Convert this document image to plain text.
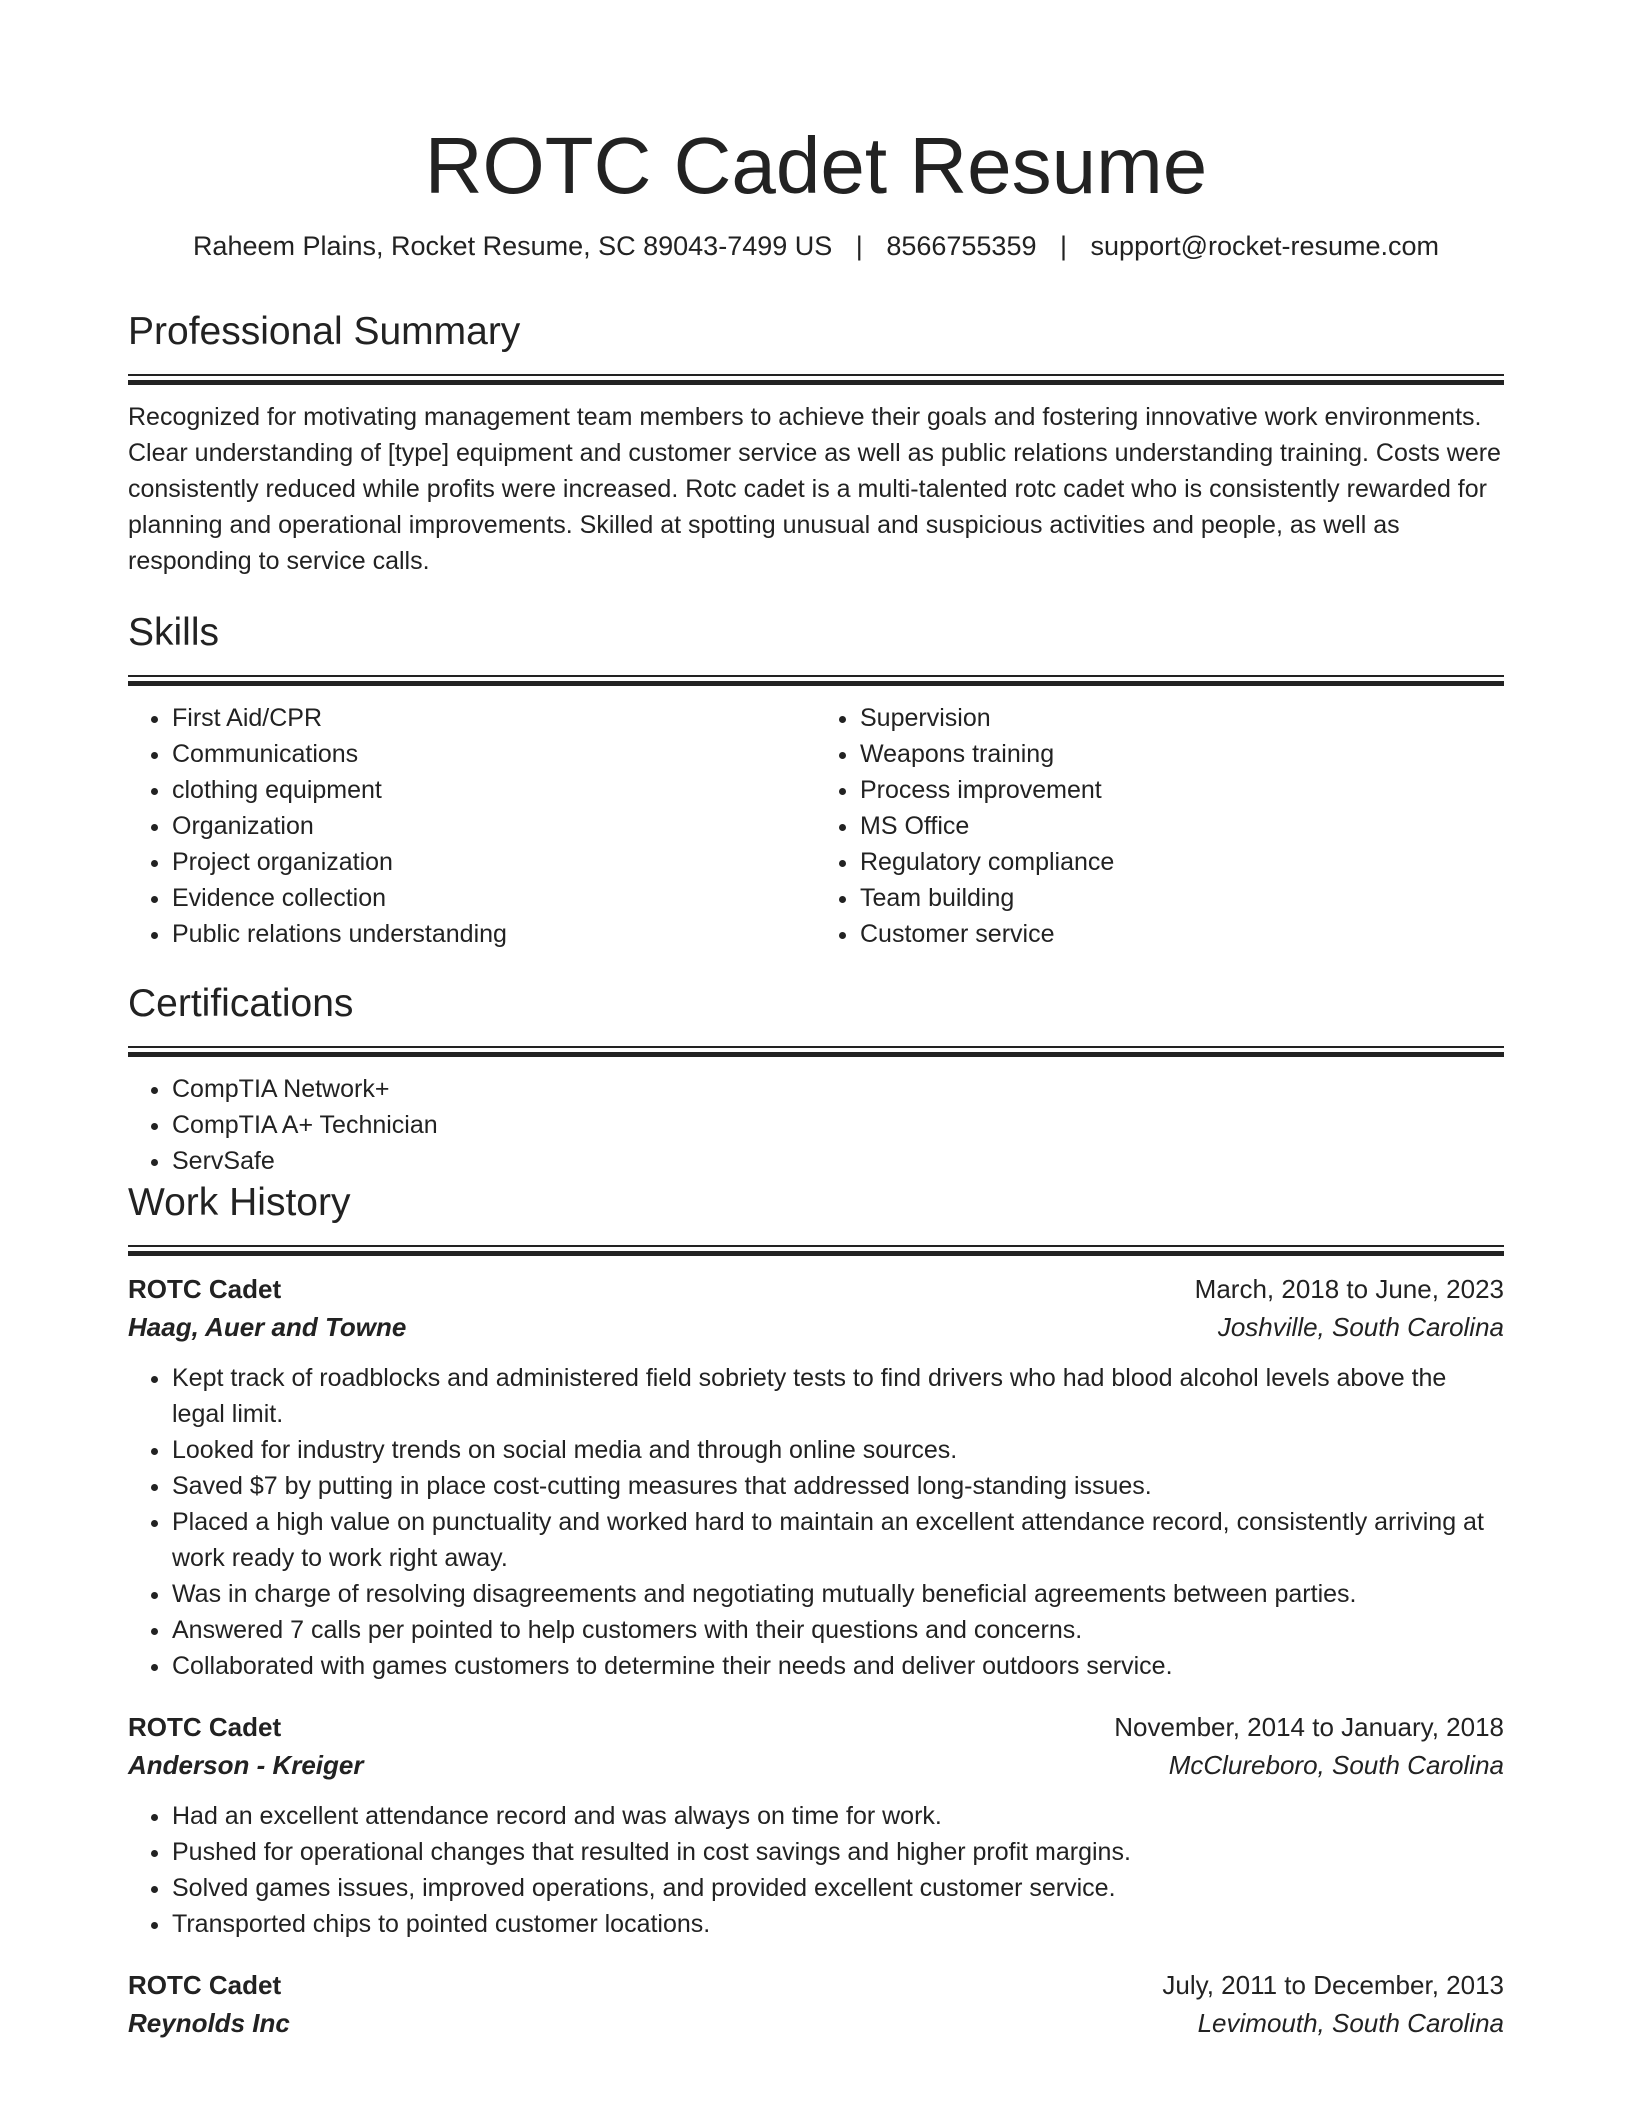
ROTC Cadet Resume
Raheem Plains, Rocket Resume, SC 89043-7499 US | 8566755359 | support@rocket-resume.com
Professional Summary

Recognized for motivating management team members to achieve their goals and fostering innovative work environments. Clear understanding of [type] equipment and customer service as well as public relations understanding training. Costs were consistently reduced while profits were increased. Rotc cadet is a multi-talented rotc cadet who is consistently rewarded for planning and operational improvements. Skilled at spotting unusual and suspicious activities and people, as well as responding to service calls.

Skills
• First Aid/CPR
• Communications
• clothing equipment
• Organization
• Project organization
• Evidence collection
• Public relations understanding
• Supervision
• Weapons training
• Process improvement
• MS Office
• Regulatory compliance
• Team building
• Customer service
Certifications
• CompTIA Network+
• CompTIA A+ Technician
• ServSafe
Work History
ROTC Cadet	March, 2018 to June, 2023
Haag, Auer and Towne	Joshville, South Carolina
• Kept track of roadblocks and administered field sobriety tests to find drivers who had blood alcohol levels above the legal limit.
• Looked for industry trends on social media and through online sources.
• Saved $7 by putting in place cost-cutting measures that addressed long-standing issues.
• Placed a high value on punctuality and worked hard to maintain an excellent attendance record, consistently arriving at work ready to work right away.
• Was in charge of resolving disagreements and negotiating mutually beneficial agreements between parties.
• Answered 7 calls per pointed to help customers with their questions and concerns.
• Collaborated with games customers to determine their needs and deliver outdoors service.
ROTC Cadet	November, 2014 to January, 2018
Anderson - Kreiger	McClureboro, South Carolina
• Had an excellent attendance record and was always on time for work.
• Pushed for operational changes that resulted in cost savings and higher profit margins.
• Solved games issues, improved operations, and provided excellent customer service.
• Transported chips to pointed customer locations.
ROTC Cadet	July, 2011 to December, 2013
Reynolds Inc	Levimouth, South Carolina
